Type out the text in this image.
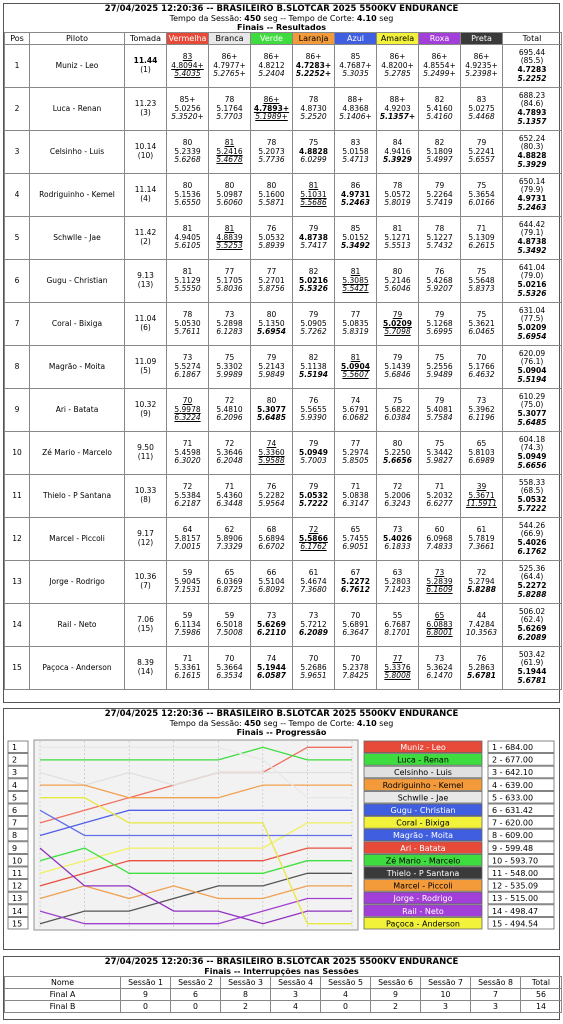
27/04/2025 12:20:36 -- BRASILEIRO B.SLOTCAR 2025 5500KV ENDURANCE
Tempo da Sessão: 450 seg -- Tempo de Corte: 4.10 seg
Finais -- Resultados
Pos	Piloto	Tomada	Vermelha	Branca	Verde	Laranja	Azul	Amarela	Roxa	Preta	Total
1	Muniz - Leo	11.44
(1)	83
4.8094+
5.4035	86+
4.7977+
5.2765+	86+
4.8212
5.2404	86+
4.7283+
5.2252+	85
4.7687+
5.3035	86+
4.8200+
5.2785	86+
4.8554+
5.2499+	86+
4.9235+
5.2398+	695.44
(85.5)
4.7283
5.2252

2	Luca - Renan	11.23
(3)	85+
5.0256
5.3520+	78
5.1764
5.7703	86+
4.7893+
5.1989+	78
4.8730
5.2520	88+
4.8368
5.1406+	88+
4.9203
5.1357+	82
5.4160
5.4160	83
5.0275
5.4468	688.23
(84.6)
4.7893
5.1357

3	Celsinho - Luis	10.14
(10)	80
5.2339
5.6268	81
5.2416
5.4678	78
5.2073
5.7736	75
4.8828
6.0299	83
5.0158
5.4713	84
4.9416
5.3929	82
5.1809
5.4997	79
5.2241
5.6557	652.24
(80.3)
4.8828
5.3929

4	Rodriguinho - Kemel	11.14
(4)	80
5.1536
5.6550	80
5.0987
5.6060	80
5.1600
5.5871	81
5.1031
5.5686	86
4.9731
5.2463	78
5.0572
5.8019	79
5.2264
5.7419	75
5.3654
6.0166	650.14
(79.9)
4.9731
5.2463

5	Schwlle - Jae	11.42
(2)	81
4.9405
5.6105	81
4.8839
5.5253	76
5.0532
5.8939	79
4.8738
5.7417	85
5.0152
5.3492	81
5.1271
5.5513	78
5.1227
5.7432	71
5.1309
6.2615	644.42
(79.1)
4.8738
5.3492

6	Gugu - Christian	9.13
(13)	81
5.1129
5.5550	77
5.1705
5.8036	77
5.2701
5.8756	82
5.0216
5.5326	81
5.3085
5.5421	80
5.2146
5.6046	76
5.4268
5.9207	75
5.5648
5.8373	641.04
(79.0)
5.0216
5.5326

7	Coral - Bixiga	11.04
(6)	78
5.0530
5.7611	73
5.2898
6.1283	80
5.1350
5.6954	79
5.0905
5.7262	77
5.0835
5.8319	79
5.0209
5.7098	79
5.1268
5.6995	75
5.3621
6.0465	631.04
(77.5)
5.0209
5.6954

8	Magrão - Moita	11.09
(5)	73
5.5274
6.1867	75
5.3302
5.9989	79
5.2143
5.9849	82
5.1138
5.5194	81
5.0904
5.5607	79
5.1439
5.6846	75
5.2556
5.9489	70
5.1766
6.4632	620.09
(76.1)
5.0904
5.5194

9	Ari - Batata	10.32
(9)	70
5.9978
6.3224	72
5.4810
6.2096	80
5.3077
5.6485	76
5.5655
5.9390	74
5.6791
6.0682	75
5.6822
6.0384	79
5.4081
5.7584	73
5.3962
6.1196	610.29
(75.0)
5.3077
5.6485

10	Zé Mario - Marcelo	9.50
(11)	71
5.4598
6.3020	72
5.3646
6.2048	74
5.3360
5.9588	79
5.0949
5.7003	77
5.2974
5.8505	80
5.2250
5.6656	75
5.3442
5.9827	65
5.8103
6.6989	604.18
(74.3)
5.0949
5.6656

11	Thielo - P Santana	10.33
(8)	72
5.5384
6.2187	71
5.4360
6.3448	76
5.2282
5.9564	79
5.0532
5.7222	71
5.0838
6.3147	72
5.2006
6.3243	71
5.2032
6.6277	39
5.3671
11.5911	558.33
(68.5)
5.0532
5.7222

12	Marcel - Piccoli	9.17
(12)	64
5.8157
7.0015	62
5.8906
7.3329	68
5.6894
6.6702	72
5.5866
6.1762	65
5.7455
6.9051	73
5.4026
6.1833	60
6.0968
7.4833	61
5.7819
7.3661	544.26
(66.9)
5.4026
6.1762

13	Jorge - Rodrigo	10.36
(7)	59
5.9045
7.1531	65
6.0369
6.8725	66
5.5104
6.8092	61
5.4674
7.3680	67
5.2272
6.7612	63
5.2803
7.1423	73
5.2839
6.1609	72
5.2794
5.8288	525.36
(64.4)
5.2272
5.8288

14	Rail - Neto	7.06
(15)	59
6.1134
7.5986	59
6.5018
7.5008	73
5.6269
6.2110	73
5.7212
6.2089	70
5.6891
6.3647	55
6.7687
8.1701	65
6.0883
6.8001	44
7.4284
10.3563	506.02
(62.4)
5.6269
6.2089

15	Paçoca - Anderson	8.39
(14)	71
5.3361
6.1615	70
5.3664
6.3534	74
5.1944
6.0587	70
5.2686
5.9651	70
5.2378
7.8425	77
5.3376
5.8008	73
5.3624
6.1470	76
5.2863
5.6781	503.42
(61.9)
5.1944
5.6781
27/04/2025 12:20:36 -- BRASILEIRO B.SLOTCAR 2025 5500KV ENDURANCE
Tempo da Sessão: 450 seg -- Tempo de Corte: 4.10 seg
Finais -- Progressão
1
2
3
4
5
6
7
8
9
10
11
12
13
14
15
Muniz - Leo
Luca - Renan
Celsinho - Luis
Rodriguinho - Kemel
Schwlle - Jae
Gugu - Christian
Coral - Bixiga
Magrão - Moita
Ari - Batata
Zé Mario - Marcelo
Thielo - P Santana
Marcel - Piccoli
Jorge - Rodrigo
Rail - Neto
Paçoca - Anderson
1 - 684.00
2 - 677.00
3 - 642.10
4 - 639.00
5 - 633.00
6 - 631.42
7 - 620.00
8 - 609.00
9 - 599.48
10 - 593.70
11 - 548.00
12 - 535.09
13 - 515.00
14 - 498.47
15 - 494.54
27/04/2025 12:20:36 -- BRASILEIRO B.SLOTCAR 2025 5500KV ENDURANCE
Finais -- Interrupções nas Sessões
Nome	Sessão 1	Sessão 2	Sessão 3	Sessão 4	Sessão 5	Sessão 6	Sessão 7	Sessão 8	Total
Final A	9	6	8	3	4	9	10	7	56
Final B	0	0	2	4	0	2	3	3	14
